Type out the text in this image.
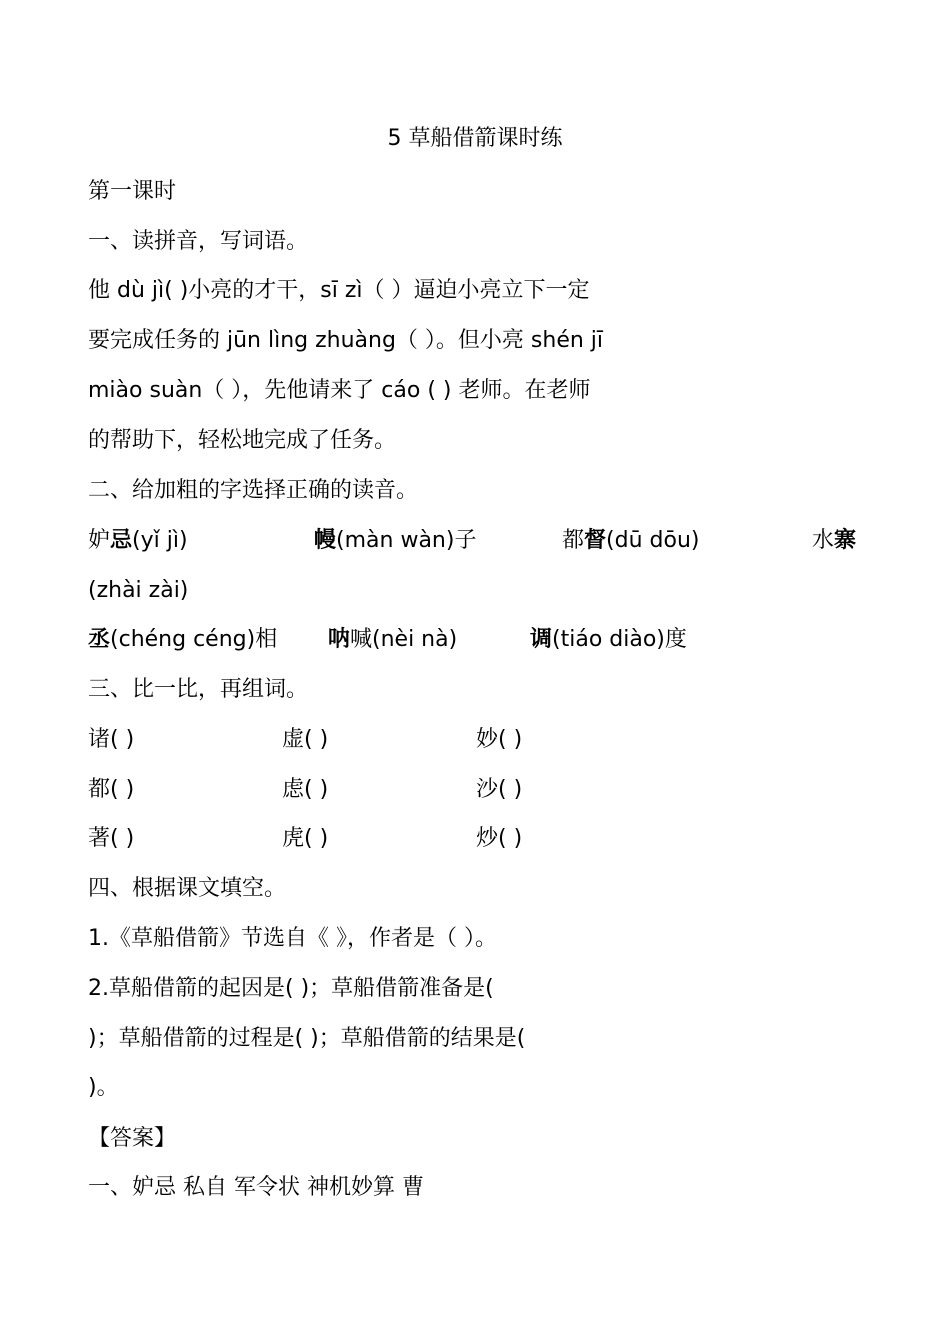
5 草船借箭课时练
第一课时
一、读拼音，写词语。
他 dù jì( )小亮的才干，sī zì（ ）逼迫小亮立下一定
要完成任务的 jūn lìng zhuàng（ ）。但小亮 shén jī
miào suàn（ ），先他请来了 cáo ( ) 老师。在老师
的帮助下，轻松地完成了任务。
二、给加粗的字选择正确的读音。
妒忌(yǐ jì)	幔(màn wàn)子	都督(dū dōu)	水寨
(zhài zài)
丞(chéng céng)相 呐喊(nèi nà)	调(tiáo diào)度
三、比一比，再组词。
诸( )	虚( )	妙( )
都( )	虑( )	沙( )
著( )	虎( )	炒( )
四、根据课文填空。
1.《草船借箭》节选自《 》，作者是（ ）。
2.草船借箭的起因是( )；草船借箭准备是(
)；草船借箭的过程是( )；草船借箭的结果是(
)。
【答案】
一、妒忌 私自 军令状 神机妙算 曹
